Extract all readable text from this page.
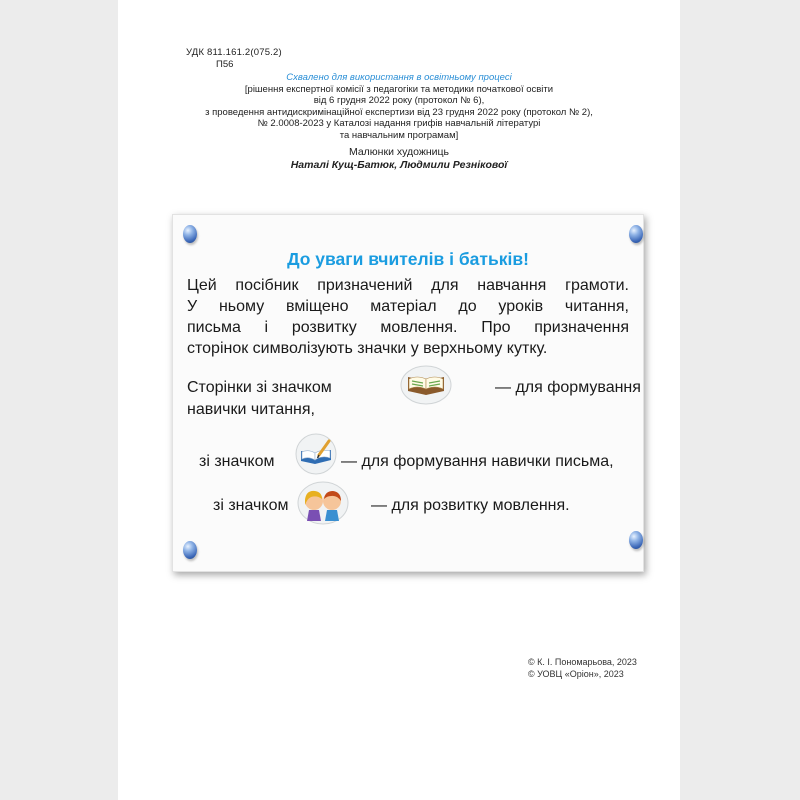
УДК 811.161.2(075.2)
П56
Схвалено для використання в освітньому процесі
[рішення експертної комісії з педагогіки та методики початкової освіти
від 6 грудня 2022 року (протокол № 6),
з проведення антидискримінаційної експертизи від 23 грудня 2022 року (протокол № 2),
№ 2.0008-2023 у Каталозі надання грифів навчальній літературі
та навчальним програмам]
Малюнки художниць
Наталі Кущ-Батюк, Людмили Резнікової
До уваги вчителів і батьків!
Цей посібник призначений для навчання грамоти.
У ньому вміщено матеріал до уроків читання,
письма і розвитку мовлення. Про призначення
сторінок символізують значки у верхньому кутку.
Сторінки зі значком	— для формування
навички читання,
зі значком	— для формування навички письма,
зі значком	— для розвитку мовлення.
© К. І. Пономарьова, 2023
© УОВЦ «Оріон», 2023
